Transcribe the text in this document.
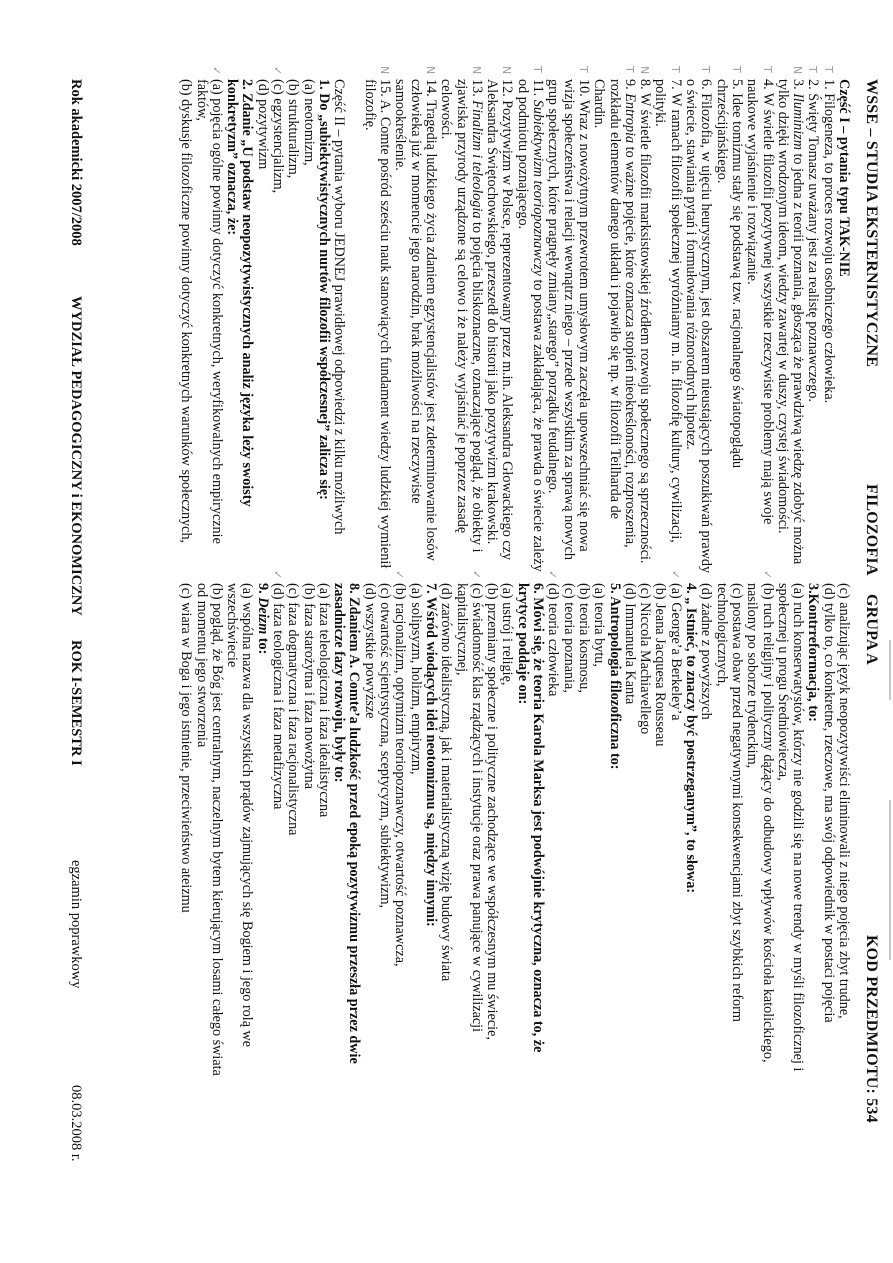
WSSE – STUDIA EKSTERNISTYCZNE
FILOZOFIA
GRUPA A
KOD PRZEDMIOTU: 534
Część I – pytania typu TAK-NIE
T
1. Filogeneza, to proces rozwoju osobniczego człowieka.
T
2. Święty Tomasz uważany jest za realistę poznawczego.
N
3. Iluminizm to jedna z teorii poznania, głosząca że prawdziwą wiedzę zdobyć można
tylko dzięki wrodzonym ideom, wiedzy zawartej w duszy, czystej świadomości.
T
4. W świetle filozofii pozytywnej wszystkie rzeczywiste problemy mają swoje
naukowe wyjaśnienie i rozwiązanie.
T
5. Idee tomizmu stały się podstawą tzw. racjonalnego światopoglądu
chrześcijańskiego.
T
6. Filozofia, w ujęciu heurystycznym, jest obszarem nieustających poszukiwań prawdy
o świecie, stawiania pytań i formułowania różnorodnych hipotez.
T
7. W ramach filozofii społecznej wyróżniamy m. in. filozofię kultury, cywilizacji,
polityki.
N
8. W świetle filozofii marksistowskiej źródłem rozwoju społecznego są sprzeczności.
T
9. Entropia to ważne pojęcie, które oznacza stopień nieokreśloności, rozproszenia,
rozkładu elementów danego układu i pojawiło się np. w filozofii Teilharda de
Chardin.
T
10. Wraz z nowożytnym przewrotem umysłowym zaczęła upowszechniać się nowa
wizja społeczeństwa i relacji wewnątrz niego – przede wszystkim za sprawą nowych
grup społecznych, które pragnęły zmiany„starego” porządku feudalnego.
T
11. Subiektywizm teoriopoznawczy to postawa zakładająca, że prawda o świecie zależy
od podmiotu poznającego.
N
12. Pozytywizm w Polsce, reprezentowany przez m.in. Aleksandra Głowackiego czy
Aleksandra Świętochowskiego, przeszedł do historii jako pozytywizm krakowski.
N
13. Finalizm i teleologia to pojęcia bliskoznaczne, oznaczające pogląd, że obiekty i
zjawiska przyrody urządzone są celowo i że należy wyjaśniać je poprzez zasadę
celowości.
N
14. Tragedią ludzkiego życia zdaniem egzystencjalistów jest zdeterminowanie losów
człowieka już w momencie jego narodzin, brak możliwości na rzeczywiste
samookreślenie.
N
15. A. Comte pośród sześciu nauk stanowiących fundament wiedzy ludzkiej wymienił
filozofię.
Część II – pytania wyboru JEDNEJ prawidłowej odpowiedzi z kilku możliwych
1. Do „subiektywistycznych nurtów filozofii współczesnej” zalicza się:
(a) neotomizm,
(b) strukturalizm,
✓
(c) egzystencjalizm,
(d) pozytywizm
2. Zdanie „U podstaw neopozytywistycznych analiz języka leży swoisty
konkretyzm” oznacza, że:
✓
(a) pojęcia ogólne powinny dotyczyć konkretnych, weryfikowalnych empirycznie
faktów,
(b) dyskusje filozoficzne powinny dotyczyć konkretnych warunków społecznych,
(c) analizując język neopozytywiści eliminowali z niego pojęcia zbyt trudne,
(d) tylko to, co konkretne, rzeczowe, ma swój odpowiednik w postaci pojęcia
3.Kontrreformacja, to:
(a) ruch konserwatystów, którzy nie godzili się na nowe trendy w myśli filozoficznej i
społecznej u progu Średniowiecza,
✓
(b) ruch religijny i polityczny dążący do odbudowy wpływów kościoła katolickiego,
nasilony po soborze trydenckim,
(c) postawa obaw przed negatywnymi konsekwencjami zbyt szybkich reform
technologicznych,
(d) żadne z powyższych
4. „ Istnieć, to znaczy być postrzeganym”, to słowa:
✓
(a) George’a Berkeley’a
(b) Jeana Jacquesa Rousseau
(c) Niccola Machiavellego
(d) Immanuela Kanta
5. Antropologia filozoficzna to:
(a) teoria bytu,
(b) teoria kosmosu,
(c) teoria poznania,
✓
(d) teoria człowieka
6. Mówi się, że teoria Karola Marksa jest podwójnie krytyczna, oznacza to, że
krytyce poddaje on:
(a) ustrój i religię,
(b) przemiany społeczne i polityczne zachodzące we współczesnym mu świecie,
✓
(c) świadomość klas rządzących i instytucje oraz prawa panujące w cywilizacji
kapitalistycznej,
(d) zarówno idealistyczną, jak i materialistyczną wizję budowy świata
7. Wśród wiodących idei neotomizmu są, między innymi:
(a) solipsyzm, holizm, empiryzm,
✓
(b) racjonalizm, optymizm teoriopoznawczy, otwartość poznawcza,
(c) otwartość scjentystyczna, sceptycyzm, subiektywizm,
(d) wszystkie powyższe
8. Zdaniem A. Comte’a ludzkość przed epoką pozytywizmu przeszła przez dwie
zasadnicze fazy rozwoju, były to:
(a) faza teleologiczna i faza idealistyczna
(b) faza starożytna i faza nowożytna
(c) faza dogmatyczna i faza racjonalistyczna
✓
(d) faza teologiczna i faza metafizyczna
9. Deizm to:
(a) wspólna nazwa dla wszystkich prądów zajmujących się Bogiem i jego rolą we
wszechświecie
(b) pogląd, że Bóg jest centralnym, naczelnym bytem kierującym losami całego świata
od momentu jego stworzenia
(c) wiara w Boga i jego istnienie, przeciwieństwo ateizmu
Rok akademicki 2007/2008
WYDZIAŁ PEDAGOGICZNY i EKONOMICZNY
ROK I-SEMESTR I
egzamin poprawkowy
08.03.2008 r.
